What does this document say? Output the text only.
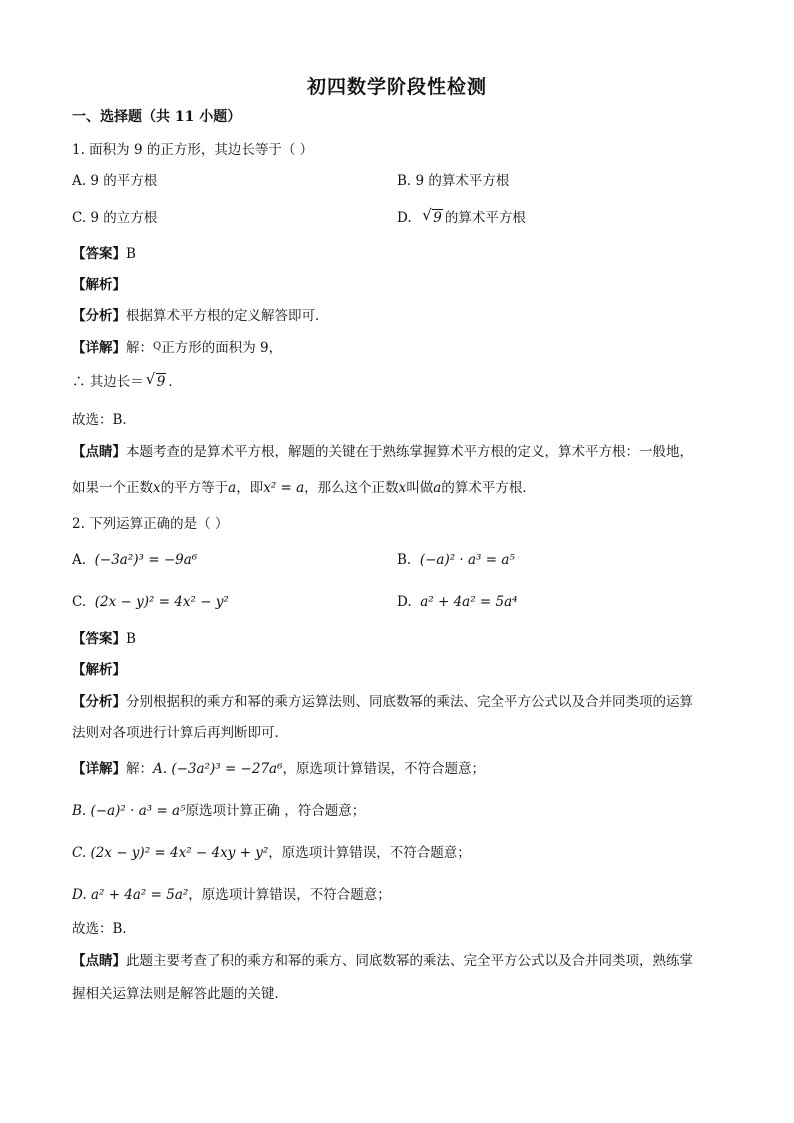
初四数学阶段性检测
一、选择题（共 11 小题）
1. 面积为 9 的正方形，其边长等于（ ）
A. 9 的平方根	B. 9 的算术平方根
C. 9 的立方根	D. √ 9 的算术平方根
【答案】B
【解析】
【分析】根据算术平方根的定义解答即可．
【详解】解：$^Q$正方形的面积为 9，
∴ 其边长＝ √ 9 ．
故选：B．
【点睛】本题考查的是算术平方根，解题的关键在于熟练掌握算术平方根的定义，算术平方根：一般地，
如果一个正数x的平方等于a，即x² = a，那么这个正数x叫做a的算术平方根．
2. 下列运算正确的是（ ）
A. (−3a²)³ = −9a⁶	B. (−a)² · a³ = a⁵
C. (2x − y)² = 4x² − y²	D. a² + 4a² = 5a⁴
【答案】B
【解析】
【分析】分别根据积的乘方和幂的乘方运算法则、同底数幂的乘法、完全平方公式以及合并同类项的运算
法则对各项进行计算后再判断即可．
【详解】解：A. (−3a²)³ = −27a⁶，原选项计算错误，不符合题意；
B. (−a)² · a³ = a⁵原选项计算正确 ，符合题意；
C. (2x − y)² = 4x² − 4xy + y²，原选项计算错误，不符合题意；
D. a² + 4a² = 5a²，原选项计算错误，不符合题意；
故选：B．
【点睛】此题主要考查了积的乘方和幂的乘方、同底数幂的乘法、完全平方公式以及合并同类项，熟练掌
握相关运算法则是解答此题的关键．
